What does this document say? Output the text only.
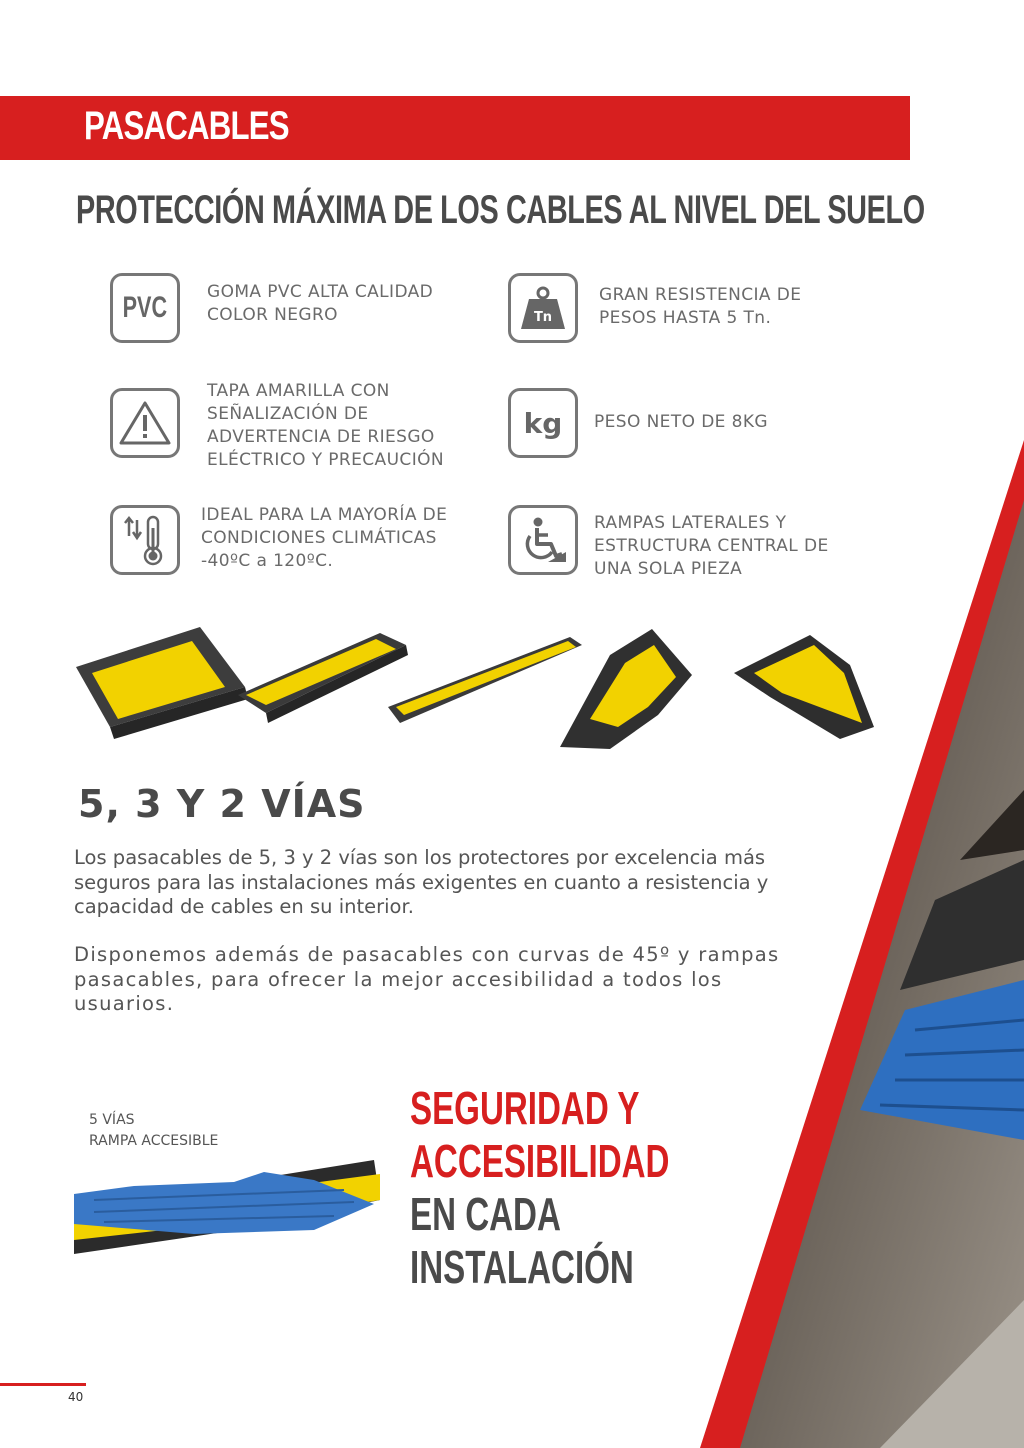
PASACABLES
PROTECCIÓN MÁXIMA DE LOS CABLES AL NIVEL DEL SUELO
PVC GOMA PVC ALTA CALIDAD
COLOR NEGRO	Tn
GRAN RESISTENCIA DE
PESOS HASTA 5 Tn.
TAPA AMARILLA CON
SEÑALIZACIÓN DE
ADVERTENCIA DE RIESGO
ELÉCTRICO Y PRECAUCIÓN
kg PESO NETO DE 8KG
IDEAL PARA LA MAYORÍA DE
CONDICIONES CLIMÁTICAS
-40ºC a 120ºC.
RAMPAS LATERALES Y
ESTRUCTURA CENTRAL DE
UNA SOLA PIEZA
5, 3 Y 2 VÍAS
Los pasacables de 5, 3 y 2 vías son los protectores por excelencia más
seguros para las instalaciones más exigentes en cuanto a resistencia y
capacidad de cables en su interior.
Disponemos además de pasacables con curvas de 45º y rampas
pasacables, para ofrecer la mejor accesibilidad a todos los
usuarios.
5 VÍAS
RAMPA ACCESIBLE
SEGURIDAD Y
ACCESIBILIDAD
EN CADA
INSTALACIÓN
40
